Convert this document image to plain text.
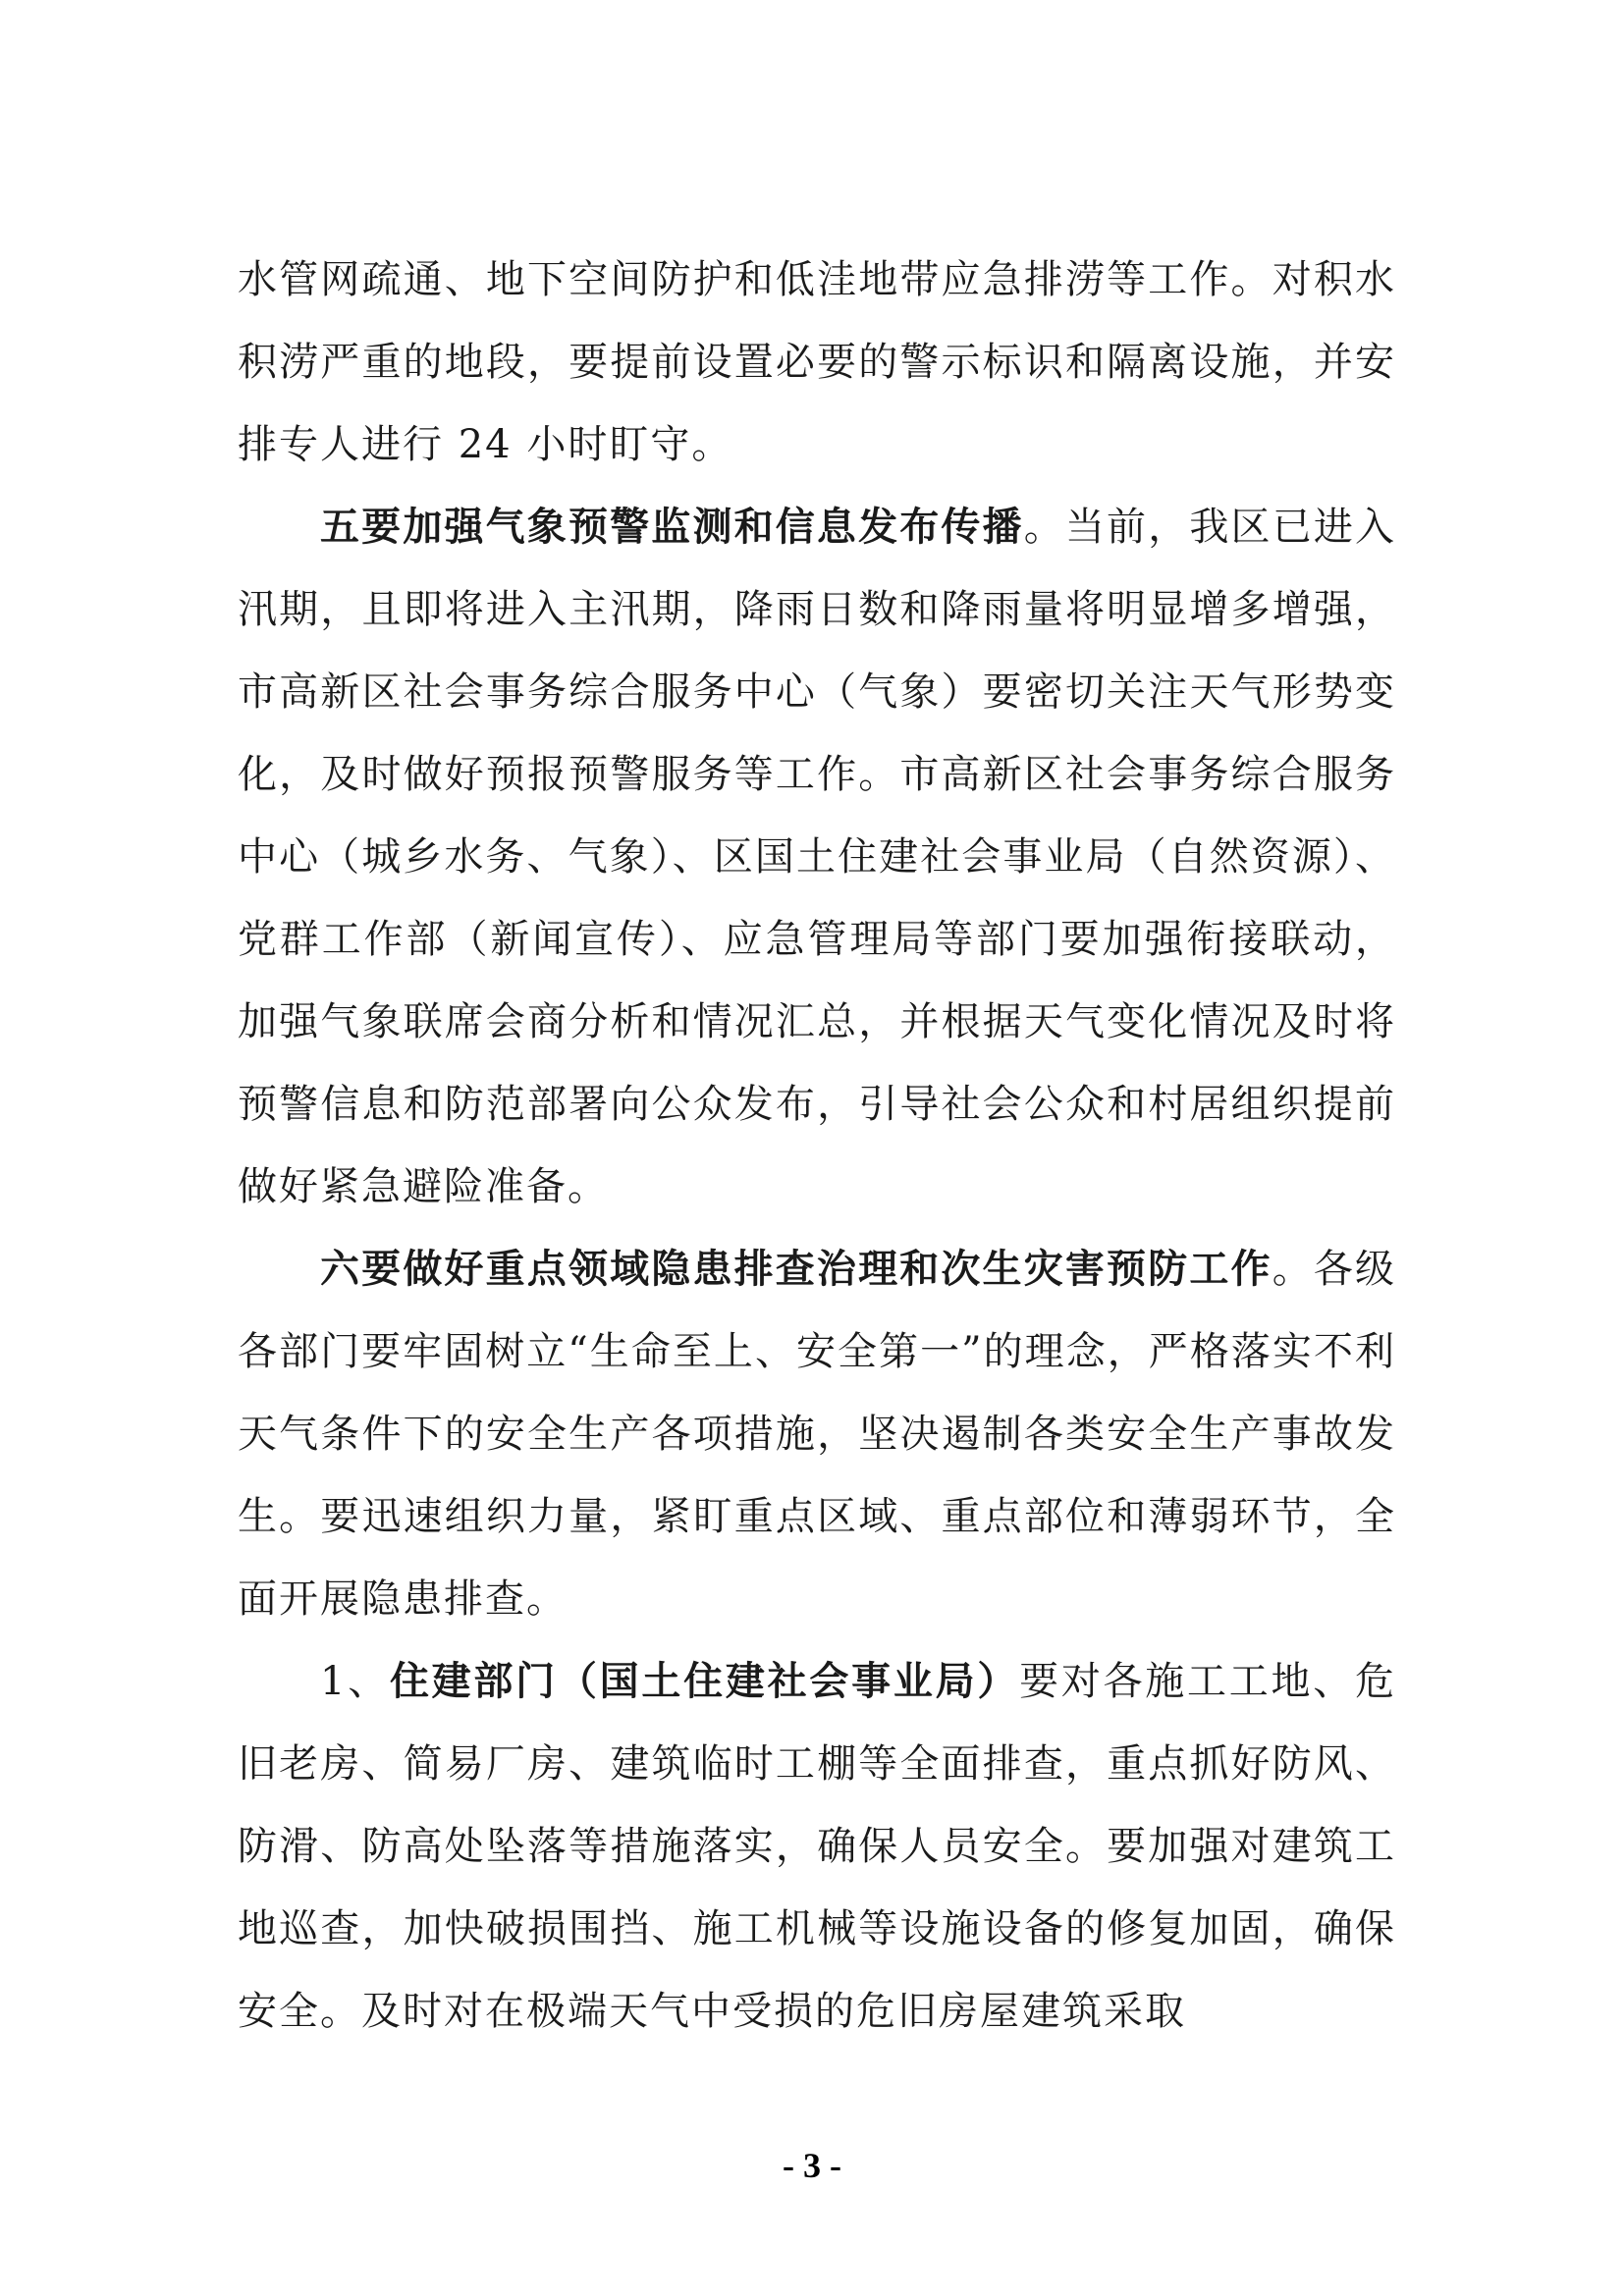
水管网疏通、地下空间防护和低洼地带应急排涝等工作。对积水积涝严重的地段，要提前设置必要的警示标识和隔离设施，并安排专人进行 24 小时盯守。

五要加强气象预警监测和信息发布传播。当前，我区已进入汛期，且即将进入主汛期，降雨日数和降雨量将明显增多增强，市高新区社会事务综合服务中心（气象）要密切关注天气形势变化，及时做好预报预警服务等工作。市高新区社会事务综合服务中心（城乡水务、气象）、区国土住建社会事业局（自然资源）、党群工作部（新闻宣传）、应急管理局等部门要加强衔接联动，加强气象联席会商分析和情况汇总，并根据天气变化情况及时将预警信息和防范部署向公众发布，引导社会公众和村居组织提前做好紧急避险准备。

六要做好重点领域隐患排查治理和次生灾害预防工作。各级各部门要牢固树立“生命至上、安全第一”的理念，严格落实不利天气条件下的安全生产各项措施，坚决遏制各类安全生产事故发生。要迅速组织力量，紧盯重点区域、重点部位和薄弱环节，全面开展隐患排查。

1、住建部门（国土住建社会事业局）要对各施工工地、危旧老房、简易厂房、建筑临时工棚等全面排查，重点抓好防风、防滑、防高处坠落等措施落实，确保人员安全。要加强对建筑工地巡查，加快破损围挡、施工机械等设施设备的修复加固，确保安全。及时对在极端天气中受损的危旧房屋建筑采取

- 3 -
